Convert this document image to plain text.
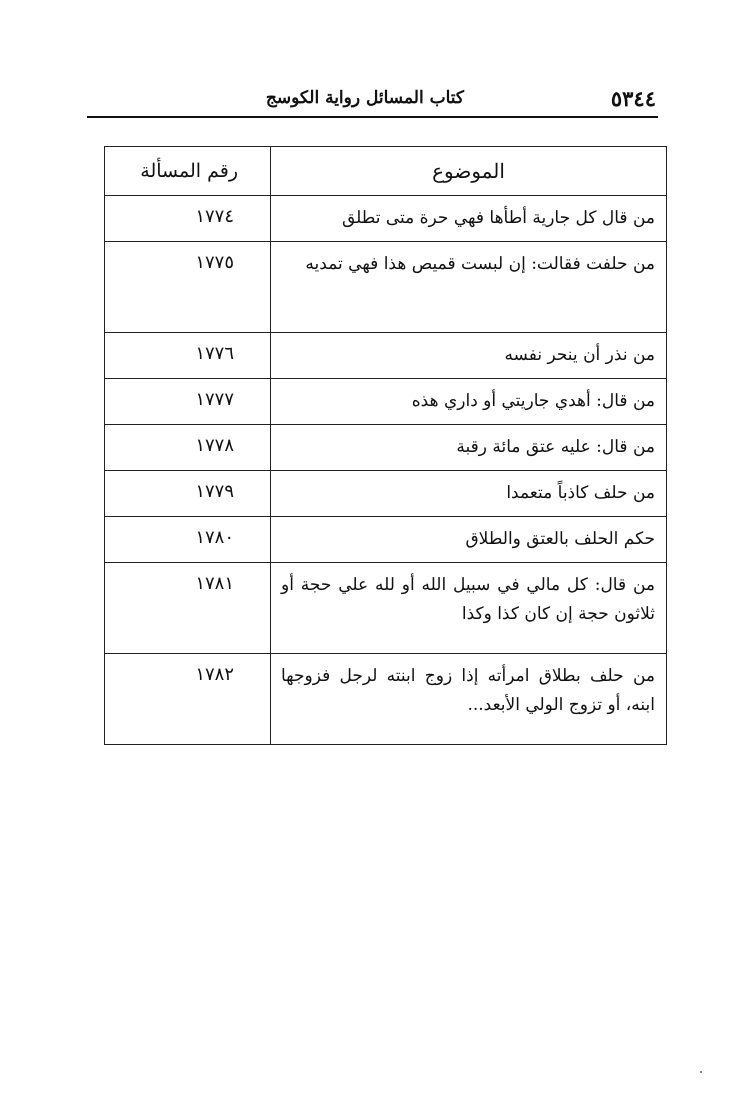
٥٣٤٤
كتاب المسائل رواية الكوسج
الموضوع	رقم المسألة
من قال كل جارية أطأها فهي حرة متى تطلق	١٧٧٤
من حلفت فقالت: إن لبست قميص هذا فهي تمديه	١٧٧٥
من نذر أن ينحر نفسه	١٧٧٦
من قال: أهدي جاريتي أو داري هذه	١٧٧٧
من قال: عليه عتق مائة رقبة	١٧٧٨
من حلف كاذباً متعمدا	١٧٧٩
حكم الحلف بالعتق والطلاق	١٧٨٠
من قال: كل مالي في سبيل الله أو لله علي حجة أو ثلاثون حجة إن كان كذا وكذا	١٧٨١
من حلف بطلاق امرأته إذا زوج ابنته لرجل فزوجها ابنه، أو تزوج الولي الأبعد...	١٧٨٢
